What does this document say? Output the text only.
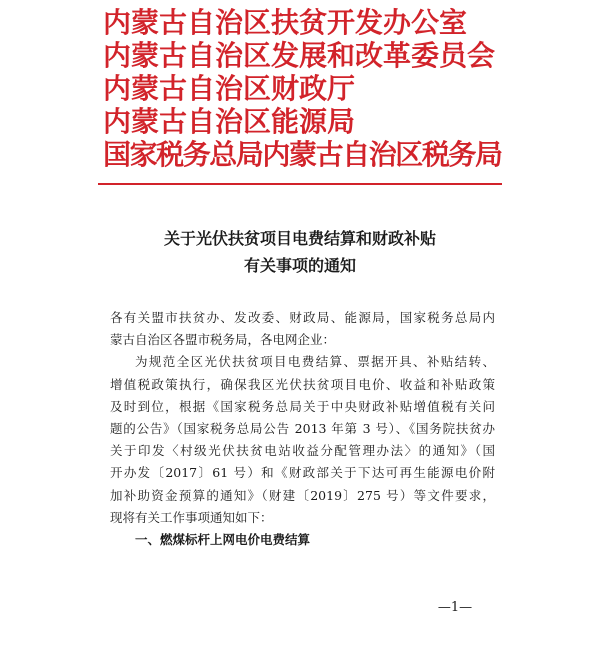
内蒙古自治区扶贫开发办公室
内蒙古自治区发展和改革委员会
内蒙古自治区财政厅
内蒙古自治区能源局
国家税务总局内蒙古自治区税务局
关于光伏扶贫项目电费结算和财政补贴
有关事项的通知
各有关盟市扶贫办、发改委、财政局、能源局，国家税务总局内
蒙古自治区各盟市税务局，各电网企业：
为规范全区光伏扶贫项目电费结算、票据开具、补贴结转、
增值税政策执行，确保我区光伏扶贫项目电价、收益和补贴政策
及时到位，根据《国家税务总局关于中央财政补贴增值税有关问
题的公告》（国家税务总局公告 2013 年第 3 号）、《国务院扶贫办
关于印发〈村级光伏扶贫电站收益分配管理办法〉的通知》（国
开办发〔2017〕61 号）和《财政部关于下达可再生能源电价附
加补助资金预算的通知》（财建〔2019〕275 号）等文件要求，
现将有关工作事项通知如下：
一、燃煤标杆上网电价电费结算
—1—
